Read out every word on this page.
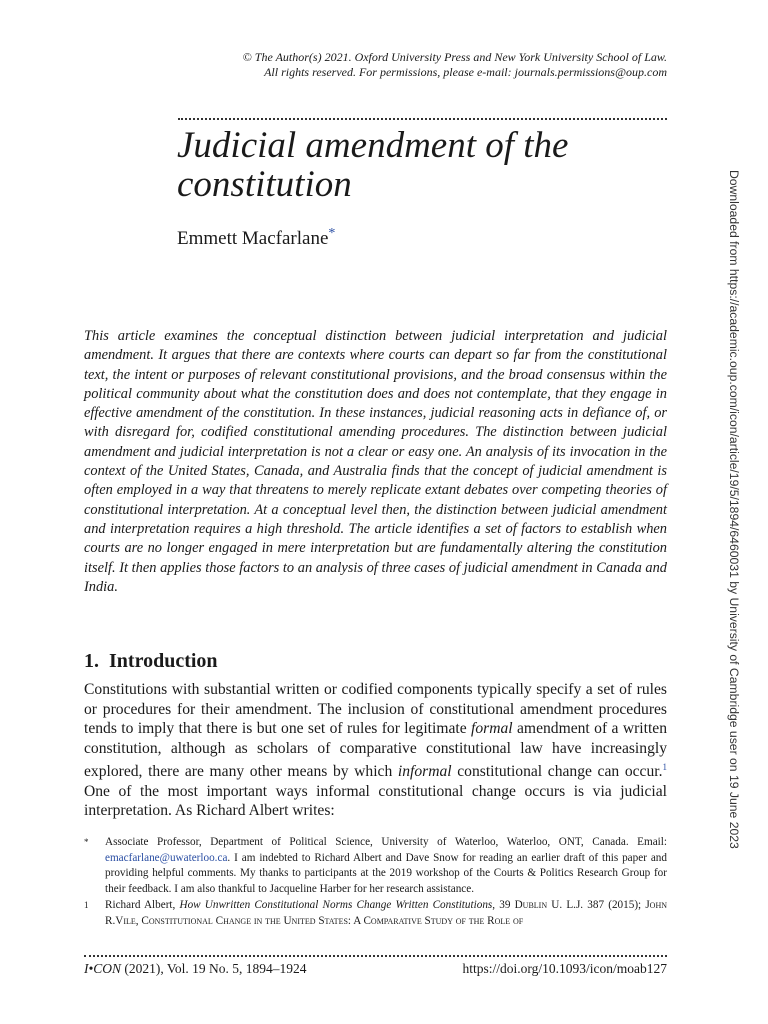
© The Author(s) 2021. Oxford University Press and New York University School of Law.
All rights reserved. For permissions, please e-mail: journals.permissions@oup.com
Judicial amendment of the constitution
Emmett Macfarlane*

This article examines the conceptual distinction between judicial interpretation and judicial amendment. It argues that there are contexts where courts can depart so far from the constitutional text, the intent or purposes of relevant constitutional provisions, and the broad consensus within the political community about what the constitution does and does not contemplate, that they engage in effective amendment of the constitution. In these instances, judicial reasoning acts in defiance of, or with disregard for, codified constitutional amending procedures. The distinction between judicial amendment and judicial interpretation is not a clear or easy one. An analysis of its invocation in the context of the United States, Canada, and Australia finds that the concept of judicial amendment is often employed in a way that threatens to merely replicate extant debates over competing theories of constitutional interpretation. At a conceptual level then, the distinction between judicial amendment and interpretation requires a high threshold. The article identifies a set of factors to establish when courts are no longer engaged in mere interpretation but are fundamentally altering the constitution itself. It then applies those factors to an analysis of three cases of judicial amendment in Canada and India.

1. Introduction

Constitutions with substantial written or codified components typically specify a set of rules or procedures for their amendment. The inclusion of constitutional amendment procedures tends to imply that there is but one set of rules for legitimate formal amendment of a written constitution, although as scholars of comparative constitutional law have increasingly explored, there are many other means by which informal constitutional change can occur.$^1$ One of the most important ways informal constitutional change occurs is via judicial interpretation. As Richard Albert writes:

* Associate Professor, Department of Political Science, University of Waterloo, Waterloo, ONT, Canada. Email: emacfarlane@uwaterloo.ca. I am indebted to Richard Albert and Dave Snow for reading an earlier draft of this paper and providing helpful comments. My thanks to participants at the 2019 workshop of the Courts & Politics Research Group for their feedback. I am also thankful to Jacqueline Harber for her research assistance.

1 Richard Albert, How Unwritten Constitutional Norms Change Written Constitutions, 39 Dublin U. L.J. 387 (2015); John R.Vile, Constitutional Change in the United States: A Comparative Study of the Role of

I•CON (2021), Vol. 19 No. 5, 1894–1924	https://doi.org/10.1093/icon/moab127
Downloaded from https://academic.oup.com/icon/article/19/5/1894/6460031 by University of Cambridge user on 19 June 2023
